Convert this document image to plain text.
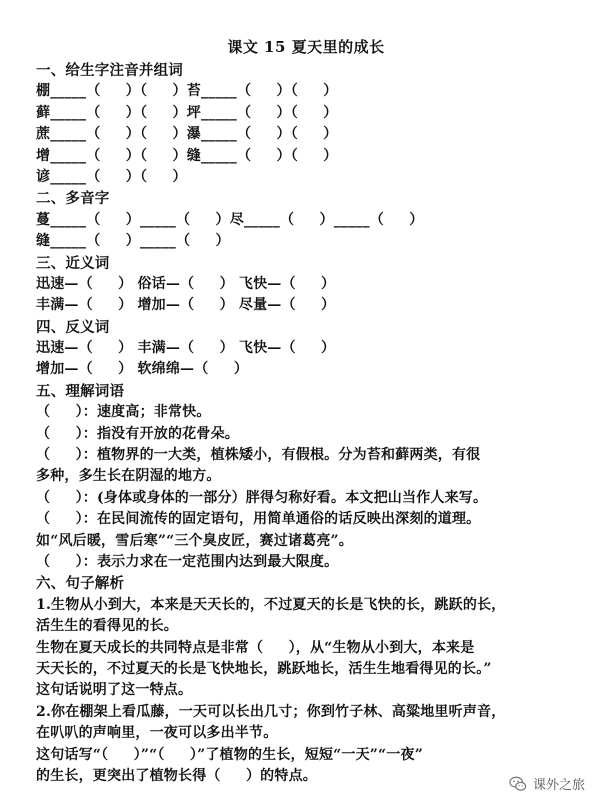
课文 15 夏天里的成长
一、给生字注音并组词
棚_____（     ）（     ）苔_____（     ）（     ）
藓_____（     ）（     ）坪_____（     ）（     ）
蔗_____（     ）（     ）瀑_____（     ）（     ）
增_____（     ）（     ）缝_____（     ）（     ）
谚_____（     ）（     ）
二、多音字
蔓_____（     ）_____（     ）尽_____（     ）_____（     ）
缝_____（     ）_____（     ）
三、近义词
迅速—（     ） 俗话—（     ） 飞快—（     ）
丰满—（     ） 增加—（     ） 尽量—（     ）
四、反义词
迅速—（     ） 丰满—（     ） 飞快—（     ）
增加—（     ） 软绵绵—（     ）
五、理解词语
（     ）：速度高；非常快。
（     ）：指没有开放的花骨朵。
（     ）：植物界的一大类，植株矮小，有假根。分为苔和藓两类，有很
多种，多生长在阴湿的地方。
（     ）：(身体或身体的一部分）胖得匀称好看。本文把山当作人来写。
（     ）：在民间流传的固定语句，用简单通俗的话反映出深刻的道理。
如“风后暖，雪后寒”“三个臭皮匠，赛过诸葛亮”。
（     ）：表示力求在一定范围内达到最大限度。
六、句子解析
1.生物从小到大，本来是天天长的，不过夏天的长是飞快的长，跳跃的长，
活生生的看得见的长。
生物在夏天成长的共同特点是非常（     ），从“生物从小到大，本来是
天天长的，不过夏天的长是飞快地长，跳跃地长，活生生地看得见的长。”
这句话说明了这一特点。
2.你在棚架上看瓜藤，一天可以长出几寸；你到竹子林、高粱地里听声音，
在叭叭的声响里，一夜可以多出半节。
这句话写“（     ）”“（     ）”了植物的生长，短短“一天”“一夜”
的生长，更突出了植物长得（     ）的特点。
课外之旅
